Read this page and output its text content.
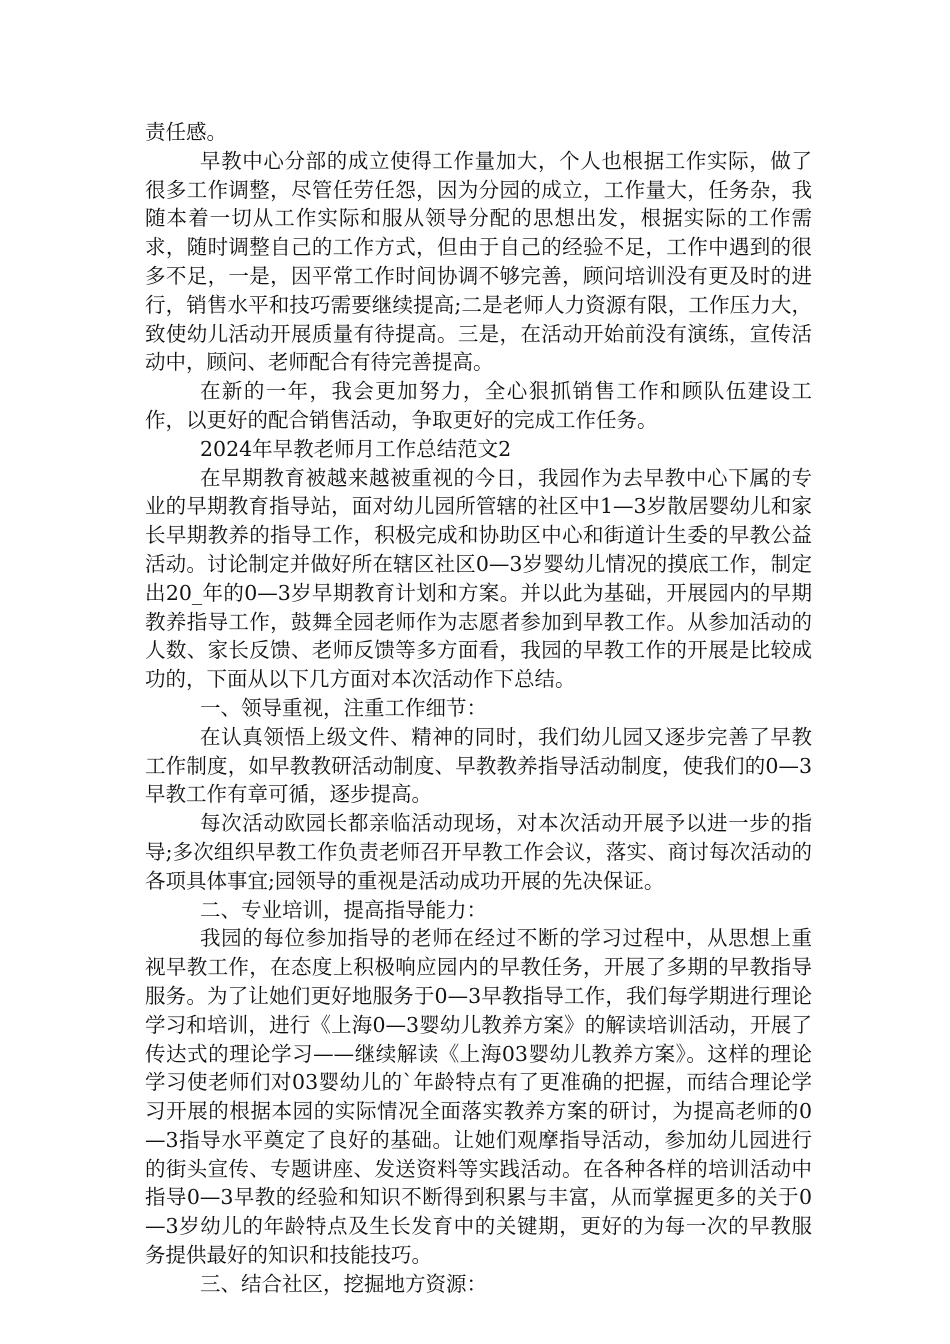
责任感。

早教中心分部的成立使得工作量加大，个人也根据工作实际，做了很多工作调整，尽管任劳任怨，因为分园的成立，工作量大，任务杂，我随本着一切从工作实际和服从领导分配的思想出发，根据实际的工作需求，随时调整自己的工作方式，但由于自己的经验不足，工作中遇到的很多不足，一是，因平常工作时间协调不够完善，顾问培训没有更及时的进行，销售水平和技巧需要继续提高;二是老师人力资源有限，工作压力大，致使幼儿活动开展质量有待提高。三是，在活动开始前没有演练，宣传活动中，顾问、老师配合有待完善提高。

在新的一年，我会更加努力，全心狠抓销售工作和顾队伍建设工作，以更好的配合销售活动，争取更好的完成工作任务。

2024年早教老师月工作总结范文2

在早期教育被越来越被重视的今日，我园作为去早教中心下属的专业的早期教育指导站，面对幼儿园所管辖的社区中1—3岁散居婴幼儿和家长早期教养的指导工作，积极完成和协助区中心和街道计生委的早教公益活动。讨论制定并做好所在辖区社区0—3岁婴幼儿情况的摸底工作，制定出20_年的0—3岁早期教育计划和方案。并以此为基础，开展园内的早期教养指导工作，鼓舞全园老师作为志愿者参加到早教工作。从参加活动的人数、家长反馈、老师反馈等多方面看，我园的早教工作的开展是比较成功的，下面从以下几方面对本次活动作下总结。

一、领导重视，注重工作细节：

在认真领悟上级文件、精神的同时，我们幼儿园又逐步完善了早教工作制度，如早教教研活动制度、早教教养指导活动制度，使我们的0—3早教工作有章可循，逐步提高。

每次活动欧园长都亲临活动现场，对本次活动开展予以进一步的指导;多次组织早教工作负责老师召开早教工作会议，落实、商讨每次活动的各项具体事宜;园领导的重视是活动成功开展的先决保证。

二、专业培训，提高指导能力：

我园的每位参加指导的老师在经过不断的学习过程中，从思想上重视早教工作，在态度上积极响应园内的早教任务，开展了多期的早教指导服务。为了让她们更好地服务于0—3早教指导工作，我们每学期进行理论学习和培训，进行《上海0—3婴幼儿教养方案》的解读培训活动，开展了传达式的理论学习——继续解读《上海03婴幼儿教养方案》。这样的理论学习使老师们对03婴幼儿的`年龄特点有了更准确的把握，而结合理论学习开展的根据本园的实际情况全面落实教养方案的研讨，为提高老师的0—3指导水平奠定了良好的基础。让她们观摩指导活动，参加幼儿园进行的街头宣传、专题讲座、发送资料等实践活动。在各种各样的培训活动中指导0—3早教的经验和知识不断得到积累与丰富，从而掌握更多的关于0—3岁幼儿的年龄特点及生长发育中的关键期，更好的为每一次的早教服务提供最好的知识和技能技巧。

三、结合社区，挖掘地方资源：
